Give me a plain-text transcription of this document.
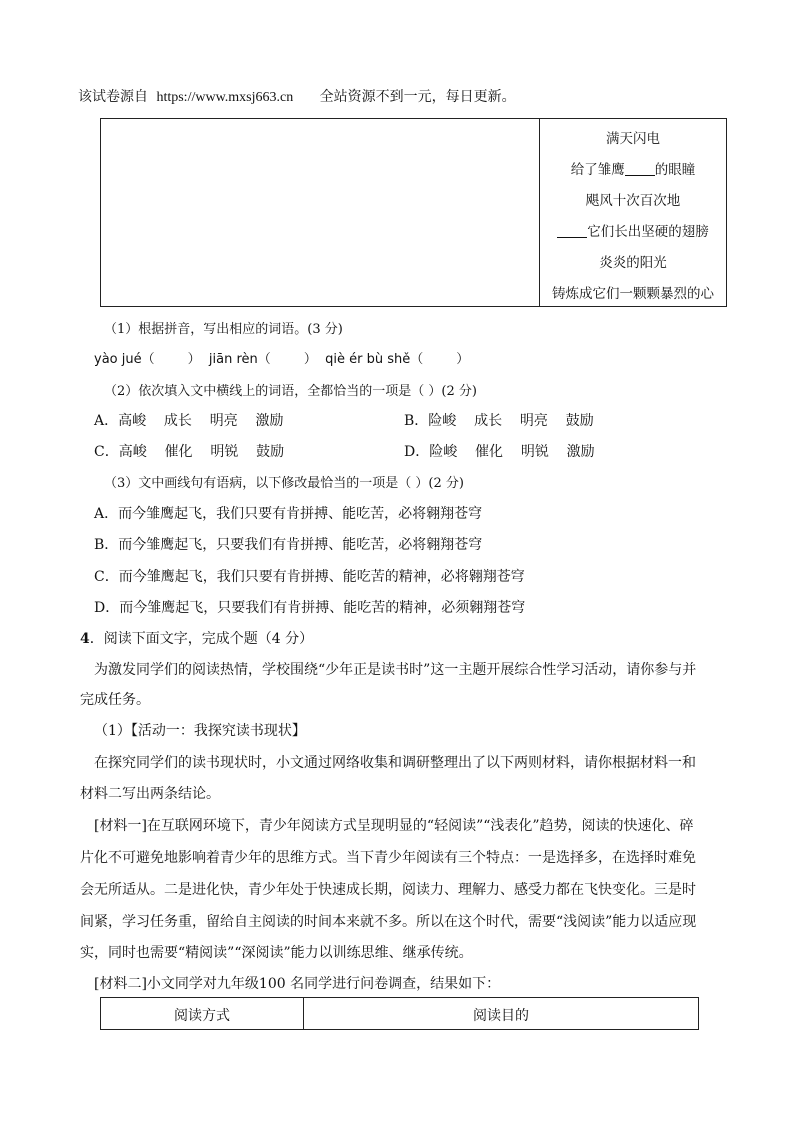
该试卷源自 https://www.mxsj663.cn 全站资源不到一元，每日更新。
满天闪电
给了雏鹰 的眼瞳
飓风十次百次地
它们长出坚硬的翅膀
炎炎的阳光
铸炼成它们一颗颗暴烈的心
（1）根据拼音，写出相应的词语。(3 分)
yào jué（        ）  jiān rèn（        ）  qiè ér bù shě（        ）
（2）依次填入文中横线上的词语，全都恰当的一项是（ ）(2 分)
A．高峻    成长    明亮    激励	B．险峻    成长    明亮    鼓励
C．高峻    催化    明锐    鼓励	D．险峻    催化    明锐    激励
（3）文中画线句有语病，以下修改最恰当的一项是（ ）(2 分)
A．而今雏鹰起飞，我们只要有肯拼搏、能吃苦，必将翱翔苍穹
B．而今雏鹰起飞，只要我们有肯拼搏、能吃苦，必将翱翔苍穹
C．而今雏鹰起飞，我们只要有肯拼搏、能吃苦的精神，必将翱翔苍穹
D．而今雏鹰起飞，只要我们有肯拼搏、能吃苦的精神，必须翱翔苍穹
4．阅读下面文字，完成个题（4 分）
为激发同学们的阅读热情，学校围绕“少年正是读书时”这一主题开展综合性学习活动，请你参与并
完成任务。
（1）【活动一：我探究读书现状】
在探究同学们的读书现状时，小文通过网络收集和调研整理出了以下两则材料，请你根据材料一和
材料二写出两条结论。
[材料一]在互联网环境下，青少年阅读方式呈现明显的“轻阅读”“浅表化”趋势，阅读的快速化、碎
片化不可避免地影响着青少年的思维方式。当下青少年阅读有三个特点：一是选择多，在选择时难免
会无所适从。二是进化快，青少年处于快速成长期，阅读力、理解力、感受力都在飞快变化。三是时
间紧，学习任务重，留给自主阅读的时间本来就不多。所以在这个时代，需要“浅阅读”能力以适应现
实，同时也需要“精阅读”“深阅读”能力以训练思维、继承传统。
[材料二]小文同学对九年级100 名同学进行问卷调查，结果如下：
阅读方式	阅读目的
